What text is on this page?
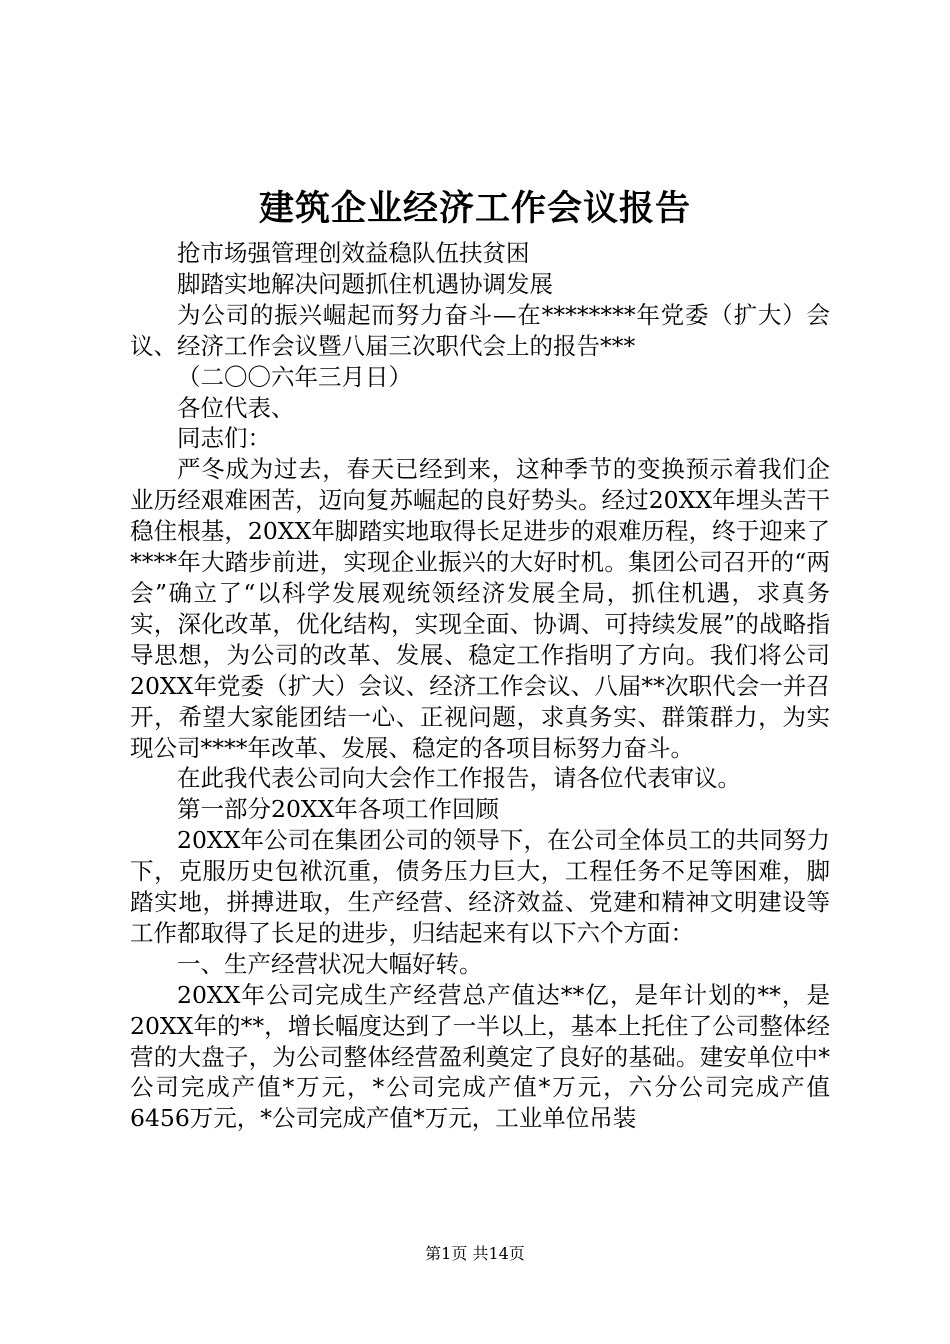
建筑企业经济工作会议报告

抢市场强管理创效益稳队伍扶贫困

脚踏实地解决问题抓住机遇协调发展

为公司的振兴崛起而努力奋斗—在********年党委（扩大）会议、经济工作会议暨八届三次职代会上的报告***

（二〇〇六年三月日）

各位代表、

同志们：

严冬成为过去，春天已经到来，这种季节的变换预示着我们企业历经艰难困苦，迈向复苏崛起的良好势头。经过20XX年埋头苦干稳住根基，20XX年脚踏实地取得长足进步的艰难历程，终于迎来了****年大踏步前进，实现企业振兴的大好时机。集团公司召开的“两会”确立了“以科学发展观统领经济发展全局，抓住机遇，求真务实，深化改革，优化结构，实现全面、协调、可持续发展”的战略指导思想，为公司的改革、发展、稳定工作指明了方向。我们将公司20XX年党委（扩大）会议、经济工作会议、八届**次职代会一并召开，希望大家能团结一心、正视问题，求真务实、群策群力，为实现公司****年改革、发展、稳定的各项目标努力奋斗。

在此我代表公司向大会作工作报告，请各位代表审议。

第一部分20XX年各项工作回顾

20XX年公司在集团公司的领导下，在公司全体员工的共同努力下，克服历史包袱沉重，债务压力巨大，工程任务不足等困难，脚踏实地，拼搏进取，生产经营、经济效益、党建和精神文明建设等工作都取得了长足的进步，归结起来有以下六个方面：

一、生产经营状况大幅好转。

20XX年公司完成生产经营总产值达**亿，是年计划的**，是20XX年的**，增长幅度达到了一半以上，基本上托住了公司整体经营的大盘子，为公司整体经营盈利奠定了良好的基础。建安单位中*公司完成产值*万元，*公司完成产值*万元，六分公司完成产值6456万元，*公司完成产值*万元，工业单位吊装

第1页 共14页
